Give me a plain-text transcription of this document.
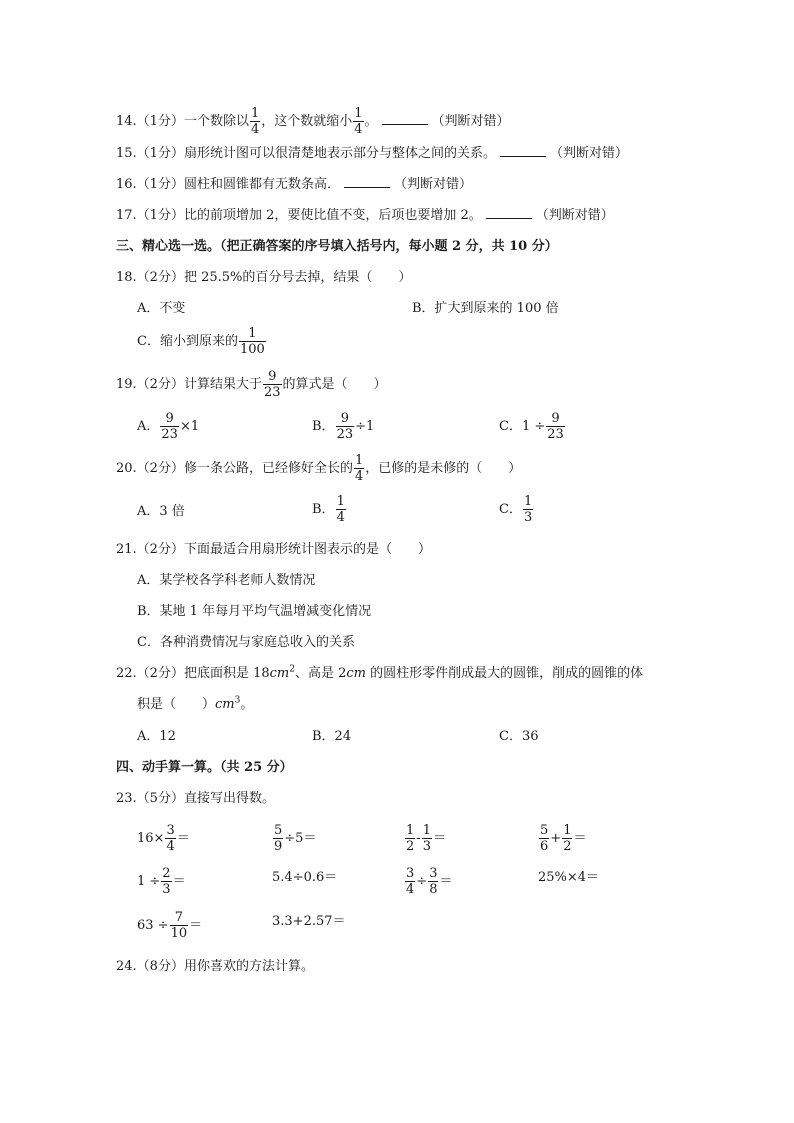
14.（1分）一个数除以 $\frac{1}{4}$ ，这个数就缩小 $\frac{1}{4}$ 。	（判断对错）
15.（1分）扇形统计图可以很清楚地表示部分与整体之间的关系。	（判断对错）
16.（1分）圆柱和圆锥都有无数条高．	（判断对错）
17.（1分）比的前项增加 2，要使比值不变，后项也要增加 2。	（判断对错）
三、精心选一选。（把正确答案的序号填入括号内，每小题 2 分，共 10 分）
18.（2分）把 25.5%的百分号去掉，结果（　　）
A．不变	B．扩大到原来的 100 倍
C．缩小到原来的 $\frac{1}{100}$
19.（2分）计算结果大于 $\frac{9}{23}$ 的算式是（　　）
A． $\frac{9}{23} \times 1$	B． $\frac{9}{23} \div 1$	C．$1 \div \frac{9}{23}$
20.（2分）修一条公路，已经修好全长的 $\frac{1}{4}$ ，已修的是未修的（　　）
A．3 倍	B． $\frac{1}{4}$	C． $\frac{1}{3}$
21.（2分）下面最适合用扇形统计图表示的是（　　）
A．某学校各学科老师人数情况
B．某地 1 年每月平均气温增减变化情况
C．各种消费情况与家庭总收入的关系
22.（2分）把底面积是 $18cm^2$、高是 2cm 的圆柱形零件削成最大的圆锥，削成的圆锥的体
积是（　　）$cm^3$。
A．12	B．24	C．36
四、动手算一算。（共 25 分）
23.（5分）直接写出得数。
$16\times \frac{3}{4}$ ＝	$\frac{5}{9} \div 5=$	$\frac{1}{2} - \frac{1}{3}$ ＝	$\frac{5}{6} + \frac{1}{2}$ ＝
$1 \div \frac{2}{3}$ ＝	5.4÷0.6＝	$\frac{3}{4} \div \frac{3}{8}$ ＝	25%×4＝
$63 \div \frac{7}{10}$ ＝	3.3+2.57＝
24.（8分）用你喜欢的方法计算。
